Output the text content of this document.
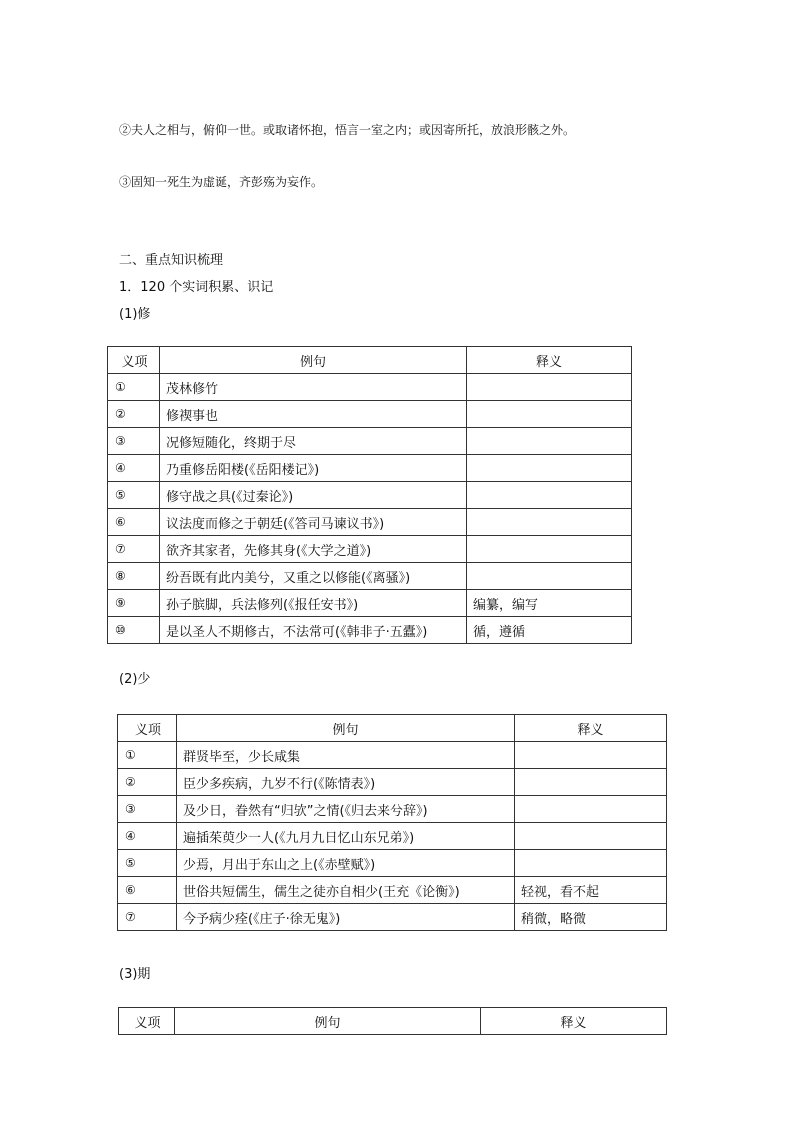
②夫人之相与，俯仰一世。或取诸怀抱，悟言一室之内；或因寄所托，放浪形骸之外。
③固知一死生为虚诞，齐彭殇为妄作。
二、重点知识梳理
1．120 个实词积累、识记
(1)修
义项	例句	释义
①	茂林修竹	
②	修禊事也	
③	况修短随化，终期于尽	
④	乃重修岳阳楼(《岳阳楼记》)	
⑤	修守战之具(《过秦论》)	
⑥	议法度而修之于朝廷(《答司马谏议书》)	
⑦	欲齐其家者，先修其身(《大学之道》)	
⑧	纷吾既有此内美兮，又重之以修能(《离骚》)	
⑨	孙子膑脚，兵法修列(《报任安书》)	编纂，编写
⑩	是以圣人不期修古，不法常可(《韩非子·五蠹》)	循，遵循
(2)少
义项	例句	释义
①	群贤毕至，少长咸集	
②	臣少多疾病，九岁不行(《陈情表》)	
③	及少日，眷然有“归欤”之情(《归去来兮辞》)	
④	遍插茱萸少一人(《九月九日忆山东兄弟》)	
⑤	少焉，月出于东山之上(《赤壁赋》)	
⑥	世俗共短儒生，儒生之徒亦自相少(王充《论衡》)	轻视，看不起
⑦	今予病少痊(《庄子·徐无鬼》)	稍微，略微
(3)期
义项	例句	释义
